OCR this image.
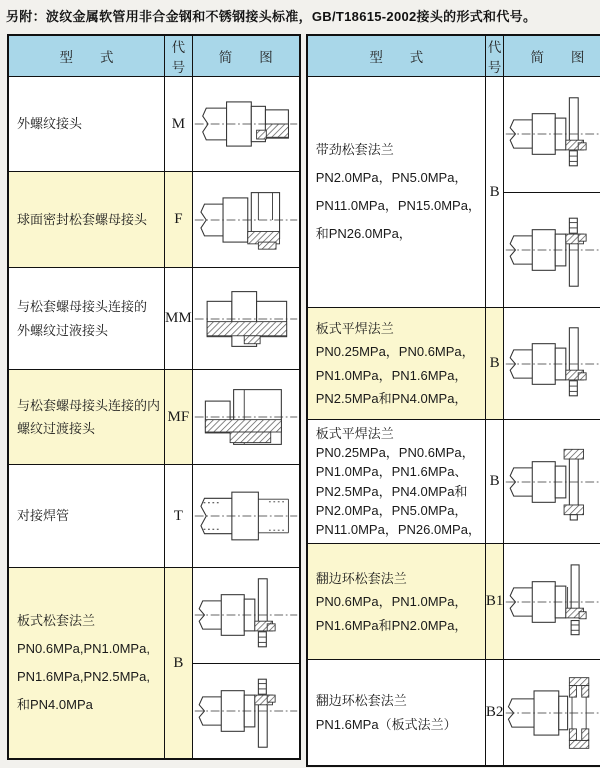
另附：波纹金属软管用非合金钢和不锈钢接头标准，GB/T18615-2002接头的形式和代号。
型　　式	代号	简　　图

外螺纹接头	M	

球面密封松套螺母接头	F	

与松套螺母接头连接的
外螺纹过液接头	MM	

与松套螺母接头连接的内
螺纹过渡接头	MF	

对接焊管	T	

板式松套法兰
PN0.6MPa,PN1.0MPa,
PN1.6MPa,PN2.5MPa,
和PN4.0MPa	B	
型　　式	代号	简　　图

带劲松套法兰
PN2.0MPa，PN5.0MPa，
PN11.0MPa，PN15.0MPa，
和PN26.0MPa，	B	

板式平焊法兰
PN0.25MPa，PN0.6MPa，
PN1.0MPa，PN1.6MPa，
PN2.5MPa和PN4.0MPa，	B	

板式平焊法兰
PN0.25MPa，PN0.6MPa，
PN1.0MPa，PN1.6MPa、
PN2.5MPa，PN4.0MPa和
PN2.0MPa，PN5.0MPa，
PN11.0MPa，PN26.0MPa，
	B	

翻边环松套法兰
PN0.6MPa，PN1.0MPa，
PN1.6MPa和PN2.0MPa，	B1	

翻边环松套法兰
PN1.6MPa（板式法兰）	B2	
